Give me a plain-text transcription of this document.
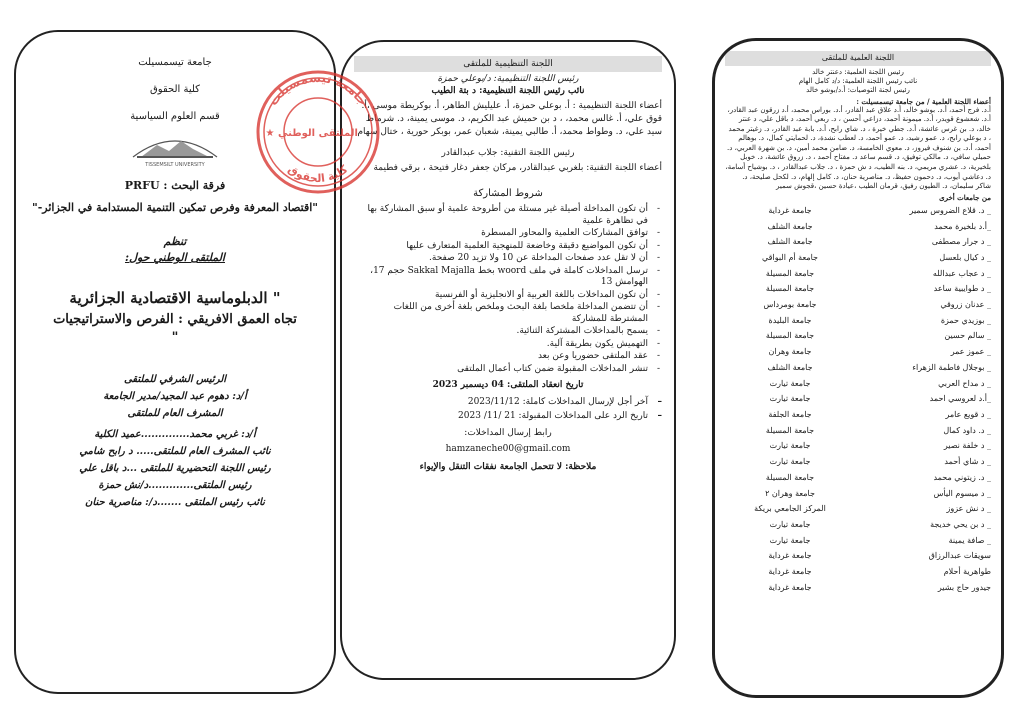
جامعة تيسمسيلت

كلية الحقوق

قسم العلوم السياسية

TISSEMSILT UNIVERSITY

فرقة البحث : PRFU

"اقتصاد المعرفة وفرص تمكين التنمية المستدامة في الجزائر-"

تنظم

الملتقى الوطني حول:

" الدبلوماسية الاقتصادية الجزائرية

تجاه العمق الافريقي : الفرص والاستراتيجيات

"

الرئيس الشرفي للملتقى

أ/د: دهوم عبد المجيد/مدير الجامعة

المشرف العام للملتقى

أ/د: غربي محمد..............عميد الكلية

نائب المشرف العام للملتقى..... د رابح شامي

رئيس اللجنة التحضيرية للملتقى ...د باقل علي

رئيس الملتقى.............د/نش حمزة

نائب رئيس الملتقى .......د/: مناصرية حنان

اللجنة التنظيمية للملتقى

رئيس اللجنة التنظيمية: د/بوعلي حمزة

نائب رئيس اللجنة التنظيمية: د بتة الطيب

أعضاء اللجنة التنظيمية : أ. بوعلي حمزة، أ. عليليش الطاهر، أ. بوكريطة موسى ،أ. قوق علي، أ. غالس محمد، ، د بن حميش عبد الكريم، د. موسى يمينة، د. شرماط سيد علي، د. وطواط محمد، أ. طالبي يمينة، شعبان عمر، بوبكر حورية ، ختال سهام

رئيس اللجنة التقنية: جلاب عبدالقادر

أعضاء اللجنة التقنية: بلغربي عبدالقادر، مركان جعفر دغار فتيحة ، برقي فطيمة

شروط المشاركة

- أن تكون المداخلة أصيلة غير مستلة من أطروحة علمية أو سبق المشاركة بها في تظاهرة علمية
- توافق المشاركات العلمية والمحاور المسطرة
- أن تكون المواضيع دقيقة وخاضعة للمنهجية العلمية المتعارف عليها
- أن لا تقل عدد صفحات المداخلة عن 10 ولا تزيد 20 صفحة.
- ترسل المداخلات كاملة في ملف woord بخط Sakkal Majalla حجم 17، الهوامش 13
- أن تكون المداخلات باللغة العربية أو الانجليزية أو الفرنسية
- أن تتضمن المداخلة ملخصا بلغة البحث وملخص بلغة أخرى من اللغات المشترطة للمشاركة
- يسمح بالمداخلات المشتركة الثنائية.
- التهميش يكون بطريقة آلية.
- عقد الملتقى حضوريا وعن بعد
- تنشر المداخلات المقبولة ضمن كتاب أعمال الملتقى

تاريخ انعقاد الملتقى: 04 ديسمبر 2023

– آخر أجل لإرسال المداخلات كاملة: 2023/11/12
– تاريخ الرد على المداخلات المقبولة: 21 /11/ 2023

رابط إرسال المداخلات:

hamzaneche00@gmail.com

ملاحظة: لا تتحمل الجامعة نفقات التنقل والإيواء

اللجنة العلمية للملتقى

رئيس اللجنة العلمية: دعنتر خالد

نائب رئيس اللجنة العلمية: د/د كامل الهام

رئيس لجنة التوصيات: أ.د/بوشو خالد

أعضاء اللجنة العلمية / من جامعة تيسمسيلت :

أ.د. فرج أحمد، أ.د. بوشو خالد، أ.د علاق عبد القادر، أ.د. بوراس محمد، أ.د زرقون عبد القادر، أ.د. شعشوع قويدر، أ.د. ميمونة أحمد، دزاعي أحسن ، د. ربعي أحمد، د باقل علي، د عنتر خالد، د. بن غرس عائشة، أ.د. جطي خيرة ، د. شاي رابح، أ.د. بابة عبد القادر، د. زغيتر محمد ، د بوعلي رابح، د. عمو رشيد، د. عمو أحمد، د. لعطب نشدة، د. لحمايتي كمال، د. بوهالم أحمد، أ.د. بن شنوف فيروز، د. معوي الخامسة، د. ضامن محمد أمين، د. بن شهرة العربي، د. حميلي سافي، د. مالكي توفيق، د. قسم ساعد د. مفتاح أحمد ، د. زروق عائشة، د. خوبل بلخيرية، د. عشري مريمي، د. بنه الطيب، د ش حمزة ، د. جلاب عبدالقادر ، د. بوشياح أسامة، د. دعاشي أيوب، د. دحمون حفيظ، د. مناصرية حنان، د. كامل إلهام، د. لكحل صليحة، د. شاكر سليمان، د. الطيون رفيق، قرمان الطيب ،عيادة حسين ،قجوش سمير

من جامعات أخرى

_ د. قلاع الضروس سمير
جامعة غرداية
_أ.د بلخيرة محمد
جامعة الشلف
_ د جرار مصطفى
جامعة الشلف
_ د كيال بلعسل
جامعة أم البواقي
_ د عجاب عبدالله
جامعة المسيلة
_ د طوايبية ساعد
جامعة المسيلة
_ عدنان زروقي
جامعة بومرداس
_ بوزيدي حمزة
جامعة البليدة
_ سالم حسين
جامعة المسيلة
_ عموز عمر
جامعة وهران
_ بوجلال فاطمة الزهراء
جامعة الشلف
_ د مداح العربي
جامعة تيارت
_أ.د لعروسي احمد
جامعة تيارت
_ د قويع عامر
جامعة الجلفة
_ د. داود كمال
جامعة المسيلة
_ د خلفة نصير
جامعة تيارت
_ د شاي أحمد
جامعة تيارت
_ د. زيتوني محمد
جامعة المسيلة
_ د ميسوم اليأس
جامعة وهران ٢
_ د نش عزوز
المركز الجامعي بريكة
_ د بن يحي خديجة
جامعة تيارت
_ صافة يمينة
جامعة تيارت
سويقات عبدالرزاق
جامعة غرداية
طواهرية أحلام
جامعة غرداية
جيدور حاج بشير
جامعة غرداية
جامعة تيسمسيلت
كلية الحقوق
الملتقى الوطني
★
